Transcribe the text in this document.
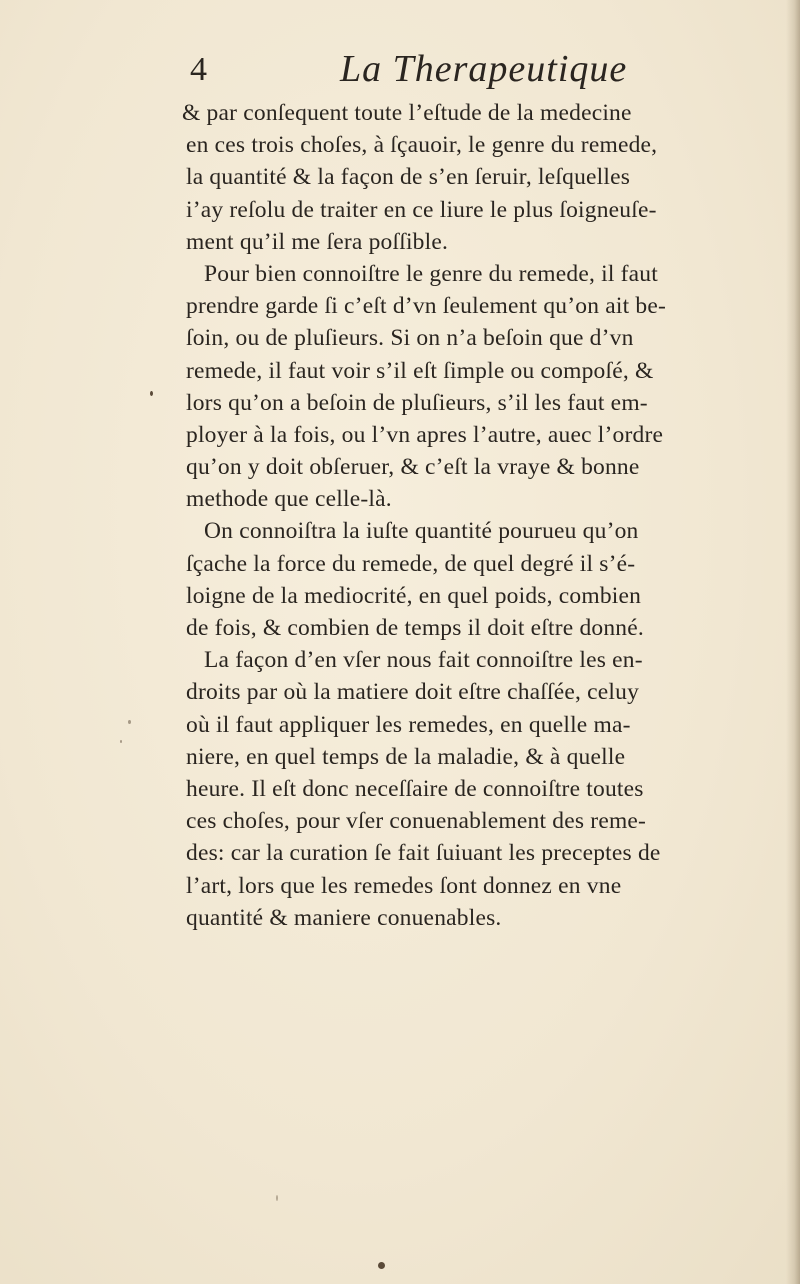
4	La Therapeutique
& par conſequent toute l’eſtude de la medecine
en ces trois choſes, à ſçauoir, le genre du remede,
la quantité & la façon de s’en ſeruir, leſquelles
i’ay reſolu de traiter en ce liure le plus ſoigneuſe-
ment qu’il me ſera poſſible.
Pour bien connoiſtre le genre du remede, il faut
prendre garde ſi c’eſt d’vn ſeulement qu’on ait be-
ſoin, ou de pluſieurs. Si on n’a beſoin que d’vn
remede, il faut voir s’il eſt ſimple ou compoſé, &
lors qu’on a beſoin de pluſieurs, s’il les faut em-
ployer à la fois, ou l’vn apres l’autre, auec l’ordre
qu’on y doit obſeruer, & c’eſt la vraye & bonne
methode que celle-là.
On connoiſtra la iuſte quantité pourueu qu’on
ſçache la force du remede, de quel degré il s’é-
loigne de la mediocrité, en quel poids, combien
de fois, & combien de temps il doit eſtre donné.
La façon d’en vſer nous fait connoiſtre les en-
droits par où la matiere doit eſtre chaſſée, celuy
où il faut appliquer les remedes, en quelle ma-
niere, en quel temps de la maladie, & à quelle
heure. Il eſt donc neceſſaire de connoiſtre toutes
ces choſes, pour vſer conuenablement des reme-
des: car la curation ſe fait ſuiuant les preceptes de
l’art, lors que les remedes ſont donnez en vne
quantité & maniere conuenables.
